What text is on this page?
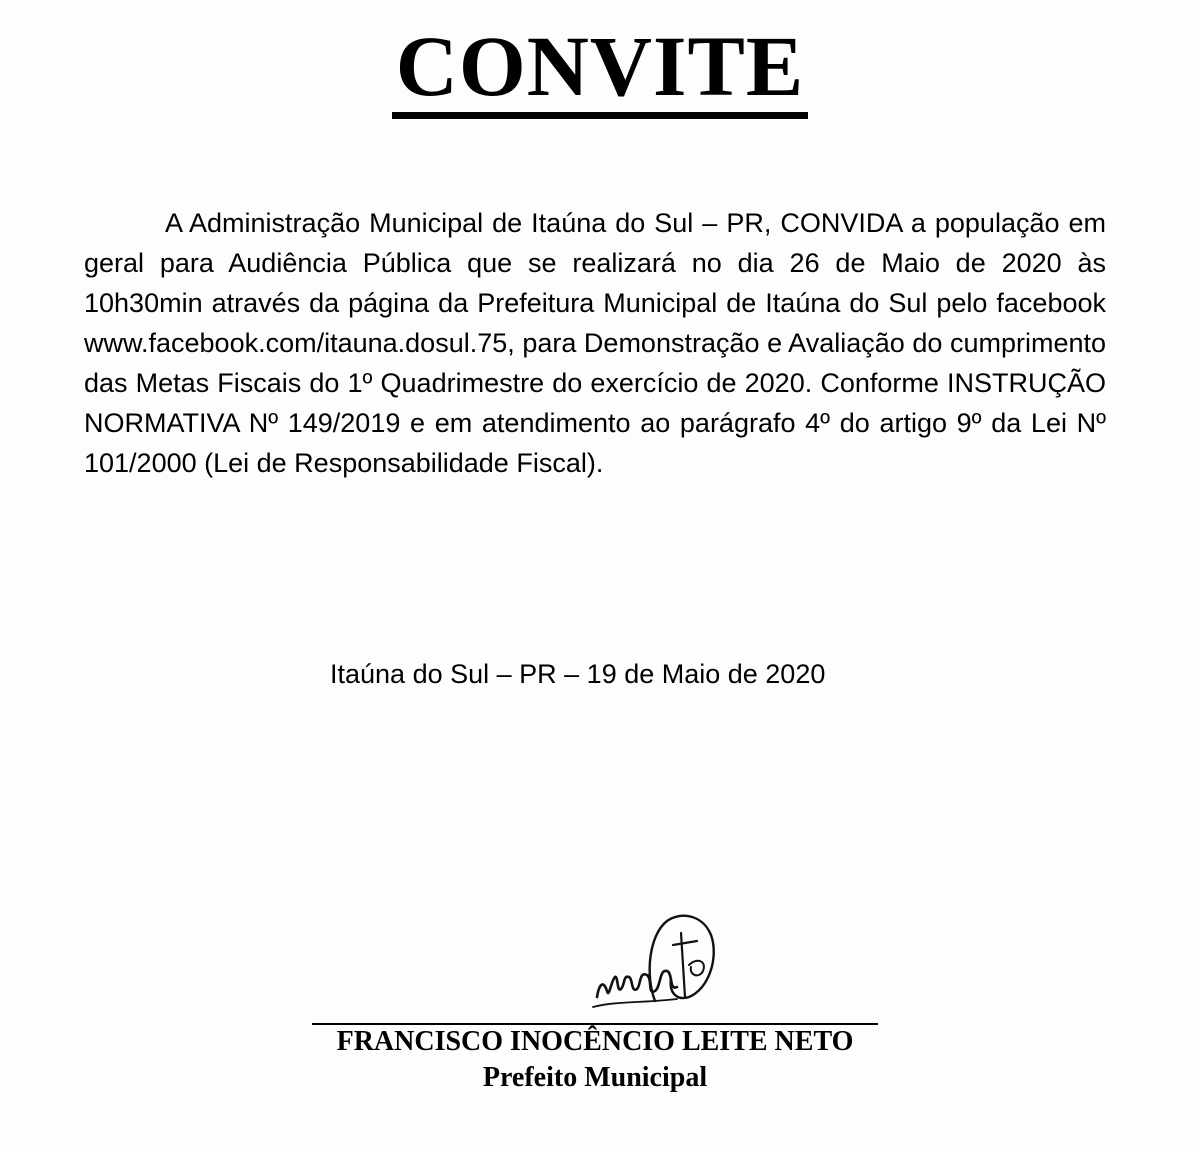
CONVITE

A Administração Municipal de Itaúna do Sul – PR, CONVIDA a população em geral para Audiência Pública que se realizará no dia 26 de Maio de 2020 às 10h30min através da página da Prefeitura Municipal de Itaúna do Sul pelo facebook www.facebook.com/itauna.dosul.75, para Demonstração e Avaliação do cumprimento das Metas Fiscais do 1º Quadrimestre do exercício de 2020. Conforme INSTRUÇÃO NORMATIVA Nº 149/2019 e em atendimento ao parágrafo 4º do artigo 9º da Lei Nº 101/2000 (Lei de Responsabilidade Fiscal).

Itaúna do Sul – PR – 19 de Maio de 2020

FRANCISCO INOCÊNCIO LEITE NETO

Prefeito Municipal
